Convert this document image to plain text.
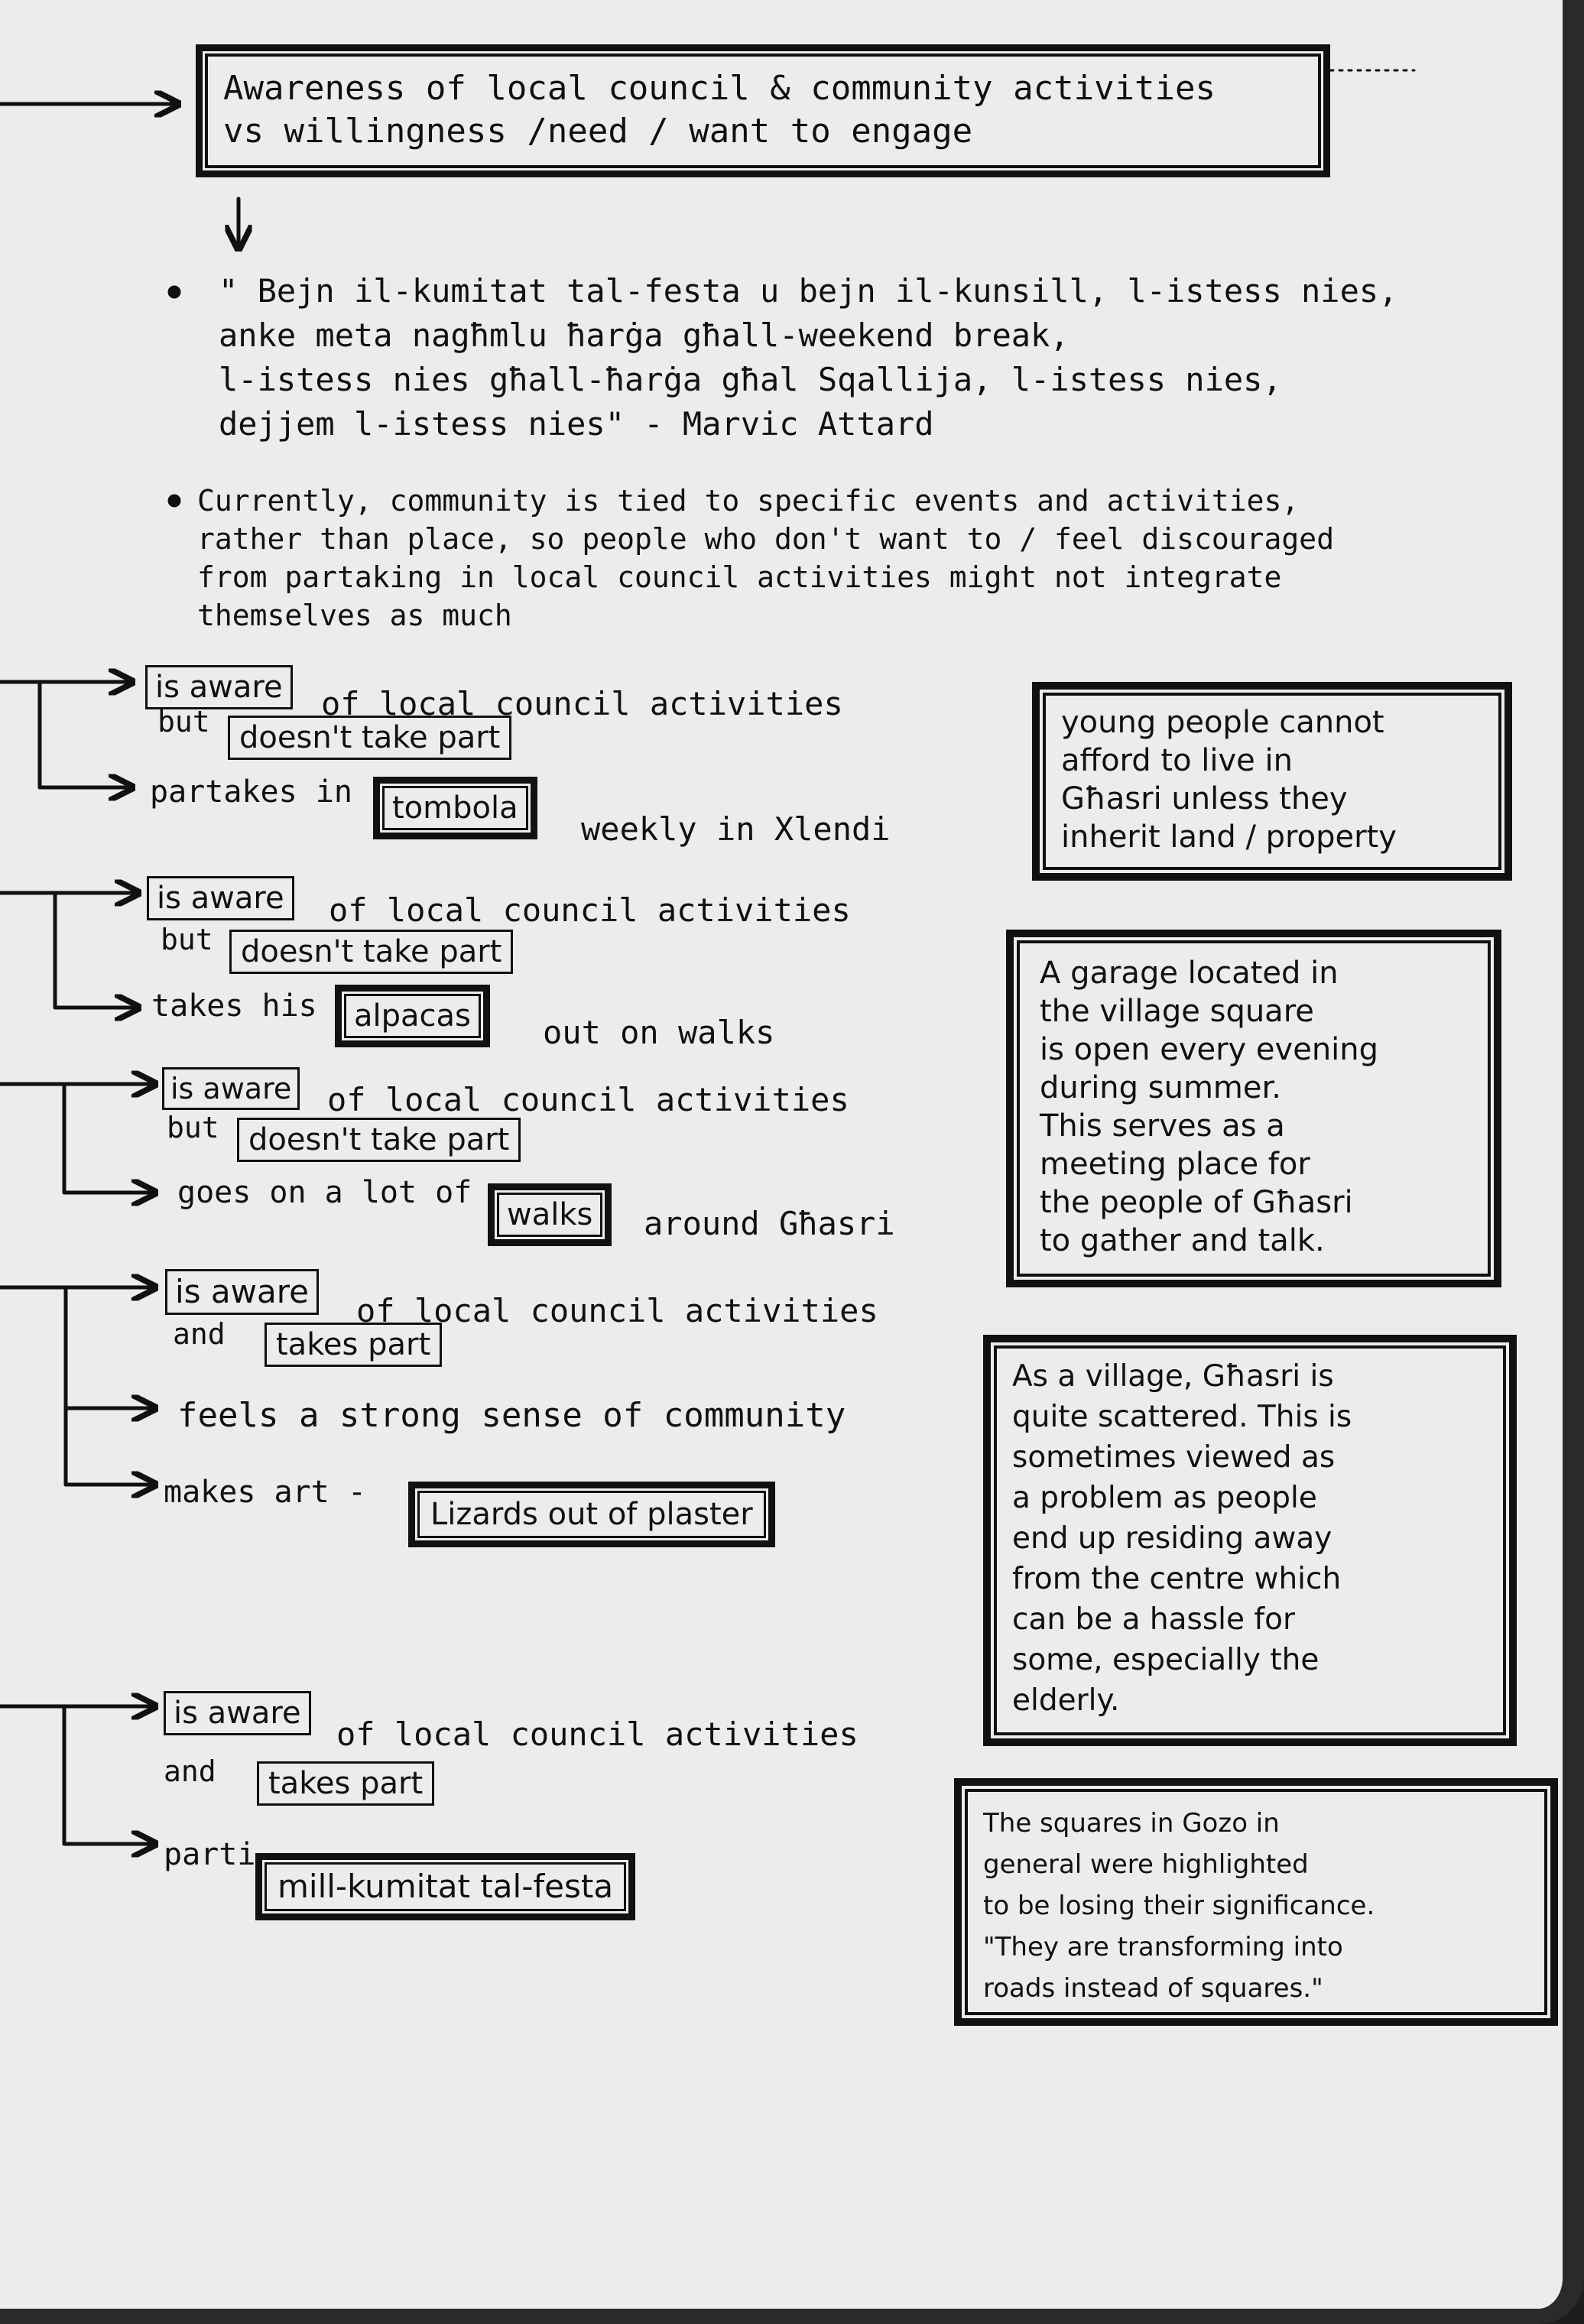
Awareness of local council & community activities
vs willingness /need / want to engage
" Bejn il-kumitat tal-festa u bejn il-kunsill, l-istess nies,
anke meta nagħmlu ħarġa għall-weekend break,
l-istess nies għall-ħarġa għal Sqallija, l-istess nies,
dejjem l-istess nies" - Marvic Attard
Currently, community is tied to specific events and activities,
rather than place, so people who don't want to / feel discouraged
from partaking in local council activities might not integrate
themselves as much
is aware	of local council activities
but doesn't take part
partakes in	tombola
weekly in Xlendi
is aware	of local council activities
but doesn't take part
takes his	alpacas	out on walks
is aware of local council activities
but doesn't take part
goes on a lot of
walks	around Għasri
is aware
of local council activities
and	takes part
feels a strong sense of community
makes art -
Lizards out of plaster
is aware
of local council activities
and	takes part
parti
mill-kumitat tal-festa
young people cannot
afford to live in
Għasri unless they
inherit land / property
A garage located in
the village square
is open every evening
during summer.
This serves as a
meeting place for
the people of Għasri
to gather and talk.
As a village, Għasri is
quite scattered. This is
sometimes viewed as
a problem as people
end up residing away
from the centre which
can be a hassle for
some, especially the
elderly.
The squares in Gozo in
general were highlighted
to be losing their significance.
"They are transforming into
roads instead of squares."
